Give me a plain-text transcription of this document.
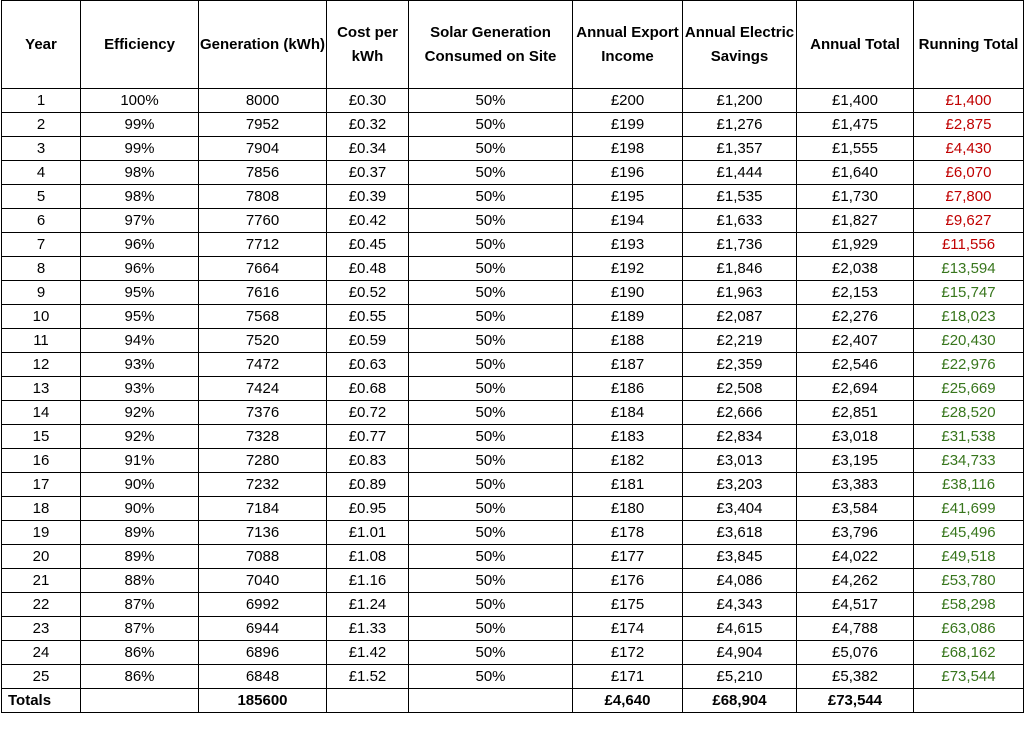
Year	Efficiency	Generation (kWh)	Cost per kWh	Solar Generation Consumed on Site	Annual Export Income	Annual Electric Savings	Annual Total	Running Total
1	100%	8000	£0.30	50%	£200	£1,200	£1,400	£1,400
2	99%	7952	£0.32	50%	£199	£1,276	£1,475	£2,875
3	99%	7904	£0.34	50%	£198	£1,357	£1,555	£4,430
4	98%	7856	£0.37	50%	£196	£1,444	£1,640	£6,070
5	98%	7808	£0.39	50%	£195	£1,535	£1,730	£7,800
6	97%	7760	£0.42	50%	£194	£1,633	£1,827	£9,627
7	96%	7712	£0.45	50%	£193	£1,736	£1,929	£11,556
8	96%	7664	£0.48	50%	£192	£1,846	£2,038	£13,594
9	95%	7616	£0.52	50%	£190	£1,963	£2,153	£15,747
10	95%	7568	£0.55	50%	£189	£2,087	£2,276	£18,023
11	94%	7520	£0.59	50%	£188	£2,219	£2,407	£20,430
12	93%	7472	£0.63	50%	£187	£2,359	£2,546	£22,976
13	93%	7424	£0.68	50%	£186	£2,508	£2,694	£25,669
14	92%	7376	£0.72	50%	£184	£2,666	£2,851	£28,520
15	92%	7328	£0.77	50%	£183	£2,834	£3,018	£31,538
16	91%	7280	£0.83	50%	£182	£3,013	£3,195	£34,733
17	90%	7232	£0.89	50%	£181	£3,203	£3,383	£38,116
18	90%	7184	£0.95	50%	£180	£3,404	£3,584	£41,699
19	89%	7136	£1.01	50%	£178	£3,618	£3,796	£45,496
20	89%	7088	£1.08	50%	£177	£3,845	£4,022	£49,518
21	88%	7040	£1.16	50%	£176	£4,086	£4,262	£53,780
22	87%	6992	£1.24	50%	£175	£4,343	£4,517	£58,298
23	87%	6944	£1.33	50%	£174	£4,615	£4,788	£63,086
24	86%	6896	£1.42	50%	£172	£4,904	£5,076	£68,162
25	86%	6848	£1.52	50%	£171	£5,210	£5,382	£73,544
Totals		185600			£4,640	£68,904	£73,544	
